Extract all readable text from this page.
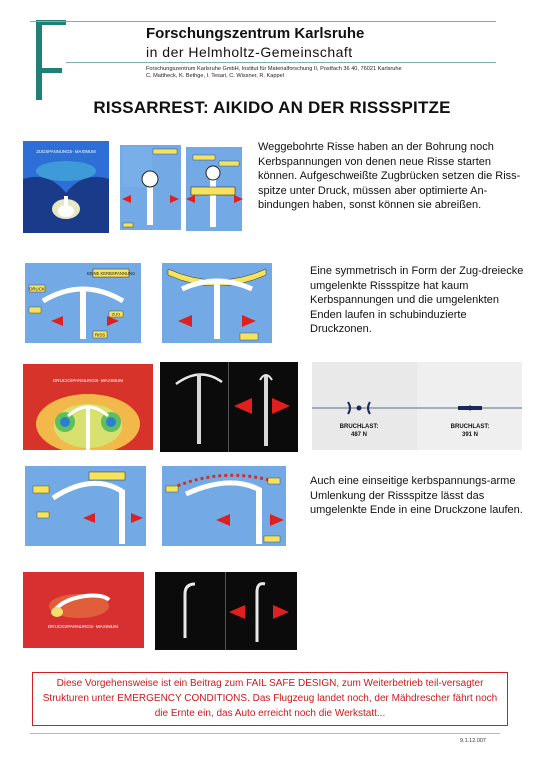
Forschungszentrum Karlsruhe
in der Helmholtz-Gemeinschaft
Forschungszentrum Karlsruhe GmbH, Institut für Materialforschung II, Postfach 36 40, 76021 Karlsruhe
C. Mattheck, K. Bethge, I. Tesari, C. Wissner, R. Kappel
RISSARREST: AIKIDO AN DER RISSSPITZE
ZUGSPANNUNGS- MAXIMUM	Weggebohrte Risse haben an der Bohrung noch Kerbspannungen von denen neue Risse starten können. Aufgeschweißte Zugbrücken setzen die Riss-spitze unter Druck, müssen aber optimierte An-bindungen haben, sonst können sie abreißen.
KEINE KERBSPANNUNG
DRUCK
ZUG
RISS
Eine symmetrisch in Form der Zug-dreiecke umgelenkte Rissspitze hat kaum Kerbspannungen und die umgelenkten Enden laufen in schubinduzierte Druckzonen.
DRUCKSPANNUNGS- MAXIMUM
BRUCHLAST:
487 N
BRUCHLAST:
391 N
Auch eine einseitige kerbspannungs-arme Umlenkung der Rissspitze lässt das umgelenkte Ende in eine Druckzone laufen.
DRUCKSPANNUNGS- MAXIMUM
Diese Vorgehensweise ist ein Beitrag zum FAIL SAFE DESIGN, zum Weiterbetrieb teil-versagter Strukturen unter EMERGENCY CONDITIONS. Das Flugzeug landet noch, der Mähdrescher fährt noch die Ernte ein, das Auto erreicht noch die Werkstatt...
9.1.12.007
